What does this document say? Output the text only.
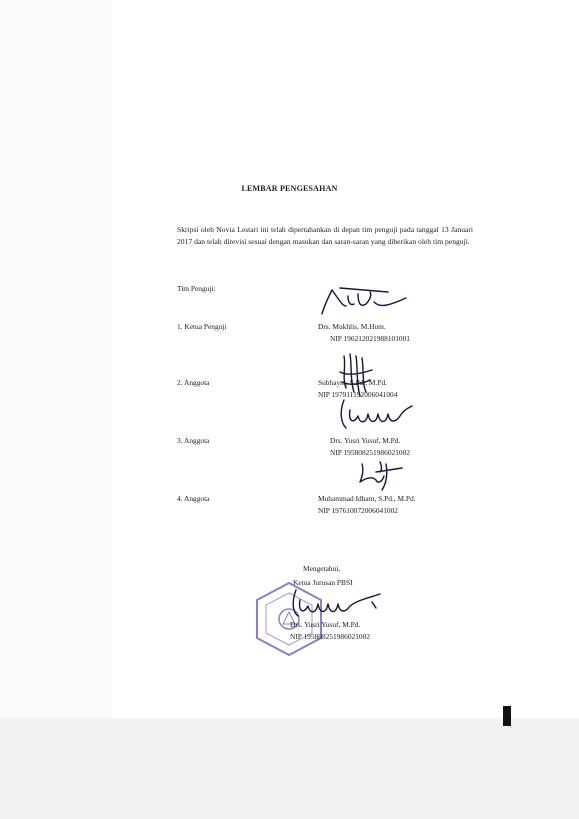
LEMBAR PENGESAHAN

Skripsi oleh Novia Lestari ini telah dipertahankan di depan tim penguji pada tanggal 13 Januari 2017 dan telah direvisi sesuai dengan masukan dan saran-saran yang diberikan oleh tim penguji.

Tim Penguji:
1. Ketua Penguji	Drs. Mukhlis, M.Hum.
NIP 196212021988101001
2. Anggota	Subhayni, S.Pd., M.Pd.
NIP 197911192006041004
3. Anggota	Drs. Yusri Yusuf, M.Pd.
NIP 195808251986021002
4. Anggota	Muhammad Idham, S.Pd., M.Pd.
NIP 197610072006041002
Mengetahui,
Ketua Jurusan PBSI
Drs. Yusri Yusuf, M.Pd.
NIP 195808251986021002
